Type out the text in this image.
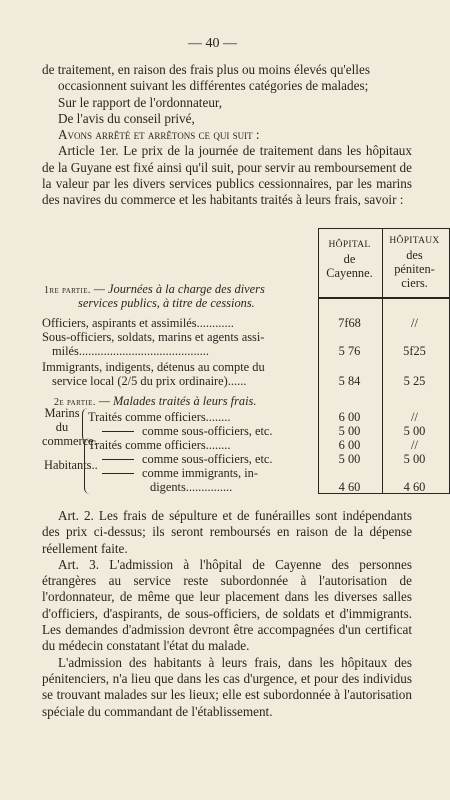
— 40 —

de traitement, en raison des frais plus ou moins élevés qu'elles

occasionnent suivant les différentes catégories de malades;

Sur le rapport de l'ordonnateur,

De l'avis du conseil privé,

Avons arrêté et arrêtons ce qui suit :

Article 1er. Le prix de la journée de traitement dans les hôpitaux de la Guyane est fixé ainsi qu'il suit, pour servir au remboursement de la valeur par les divers services publics cessionnaires, par les marins des navires du commerce et les habitants traités à leurs frais, savoir :

HÔPITAL
de
Cayenne.
HÔPITAUX
des
péniten-
ciers.
1re partie. — Journées à la charge des divers
services publics, à titre de cessions.
Officiers, aspirants et assimilés............	7f68	//
Sous-officiers, soldats, marins et agents assi-
milés..........................................	5 76	5f25
Immigrants, indigents, détenus au compte du
service local (2/5 du prix ordinaire)......	5 84	5 25
2e partie. — Malades traités à leurs frais.
Marins
du
commerce.
Traités comme officiers........	6 00	//
comme sous-officiers, etc.	5 00	5 00
Habitants..
Traités comme officiers........	6 00	//
comme sous-officiers, etc.	5 00	5 00
comme immigrants, in-
digents...............	4 60	4 60

Art. 2. Les frais de sépulture et de funérailles sont indépendants des prix ci-dessus; ils seront remboursés en raison de la dépense réellement faite.

Art. 3. L'admission à l'hôpital de Cayenne des personnes étrangères au service reste subordonnée à l'autorisation de l'ordonnateur, de même que leur placement dans les diverses salles d'officiers, d'aspirants, de sous-officiers, de soldats et d'immigrants. Les demandes d'admission devront être accompagnées d'un certificat du médecin constatant l'état du malade.

L'admission des habitants à leurs frais, dans les hôpitaux des pénitenciers, n'a lieu que dans les cas d'urgence, et pour des individus se trouvant malades sur les lieux; elle est subordonnée à l'autorisation spéciale du commandant de l'établissement.
